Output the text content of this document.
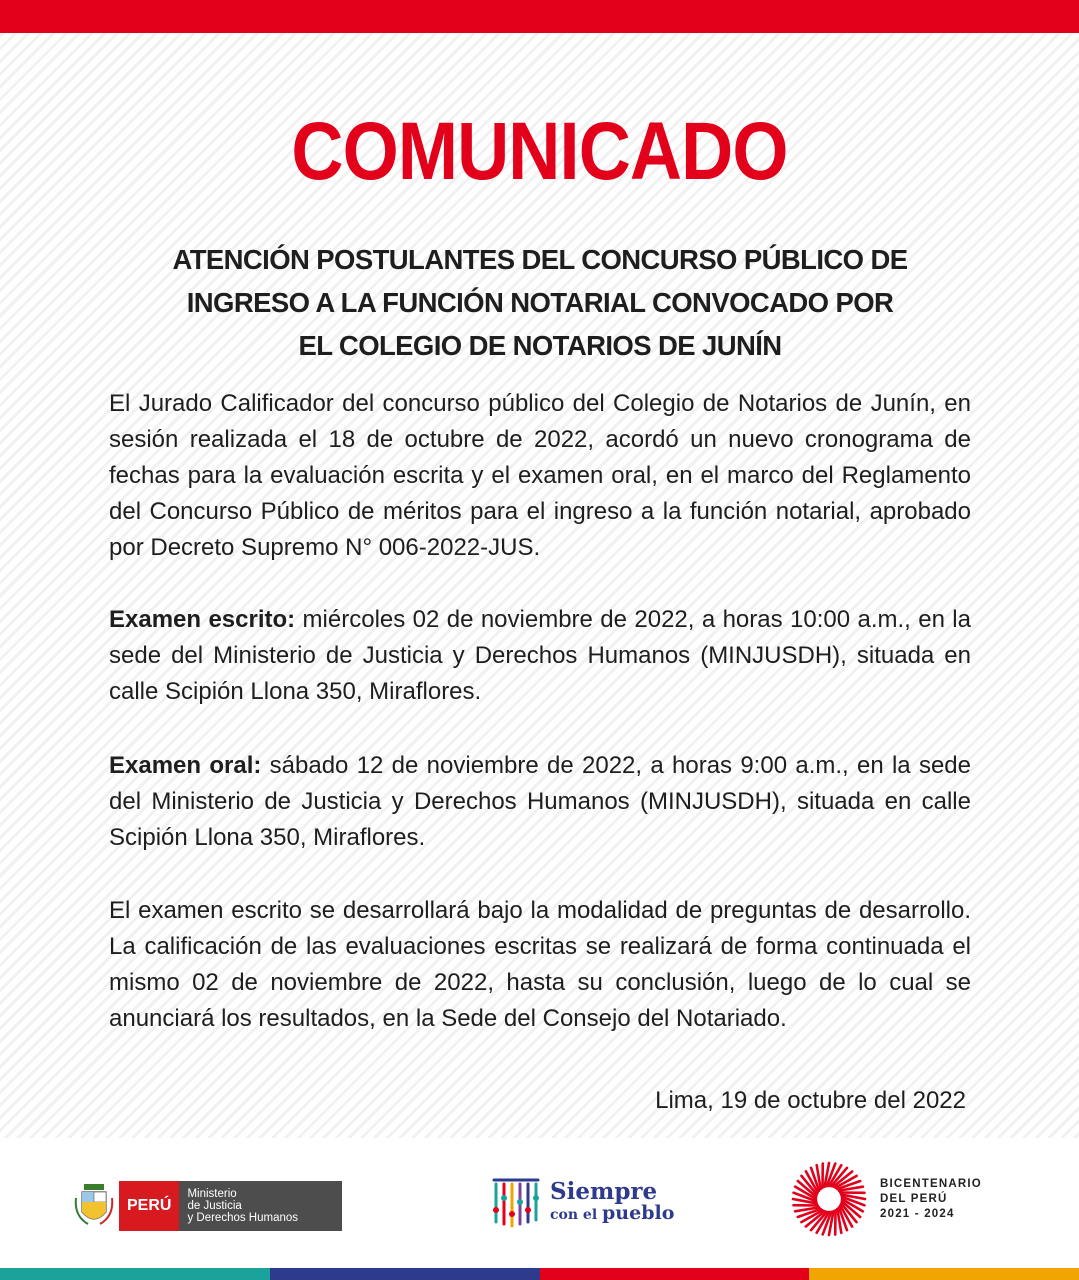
COMUNICADO
ATENCIÓN POSTULANTES DEL CONCURSO PÚBLICO DE
INGRESO A LA FUNCIÓN NOTARIAL CONVOCADO POR
EL COLEGIO DE NOTARIOS DE JUNÍN
El Jurado Calificador del concurso público del Colegio de Notarios de Junín, en sesión realizada el 18 de octubre de 2022, acordó un nuevo cronograma de fechas para la evaluación escrita y el examen oral, en el marco del Reglamento del Concurso Público de méritos para el ingreso a la función notarial, aprobado por Decreto Supremo N° 006-2022-JUS.
Examen escrito: miércoles 02 de noviembre de 2022, a horas 10:00 a.m., en la sede del Ministerio de Justicia y Derechos Humanos (MINJUSDH), situada en calle Scipión Llona 350, Miraflores.
Examen oral: sábado 12 de noviembre de 2022, a horas 9:00 a.m., en la sede del Ministerio de Justicia y Derechos Humanos (MINJUSDH), situada en calle Scipión Llona 350, Miraflores.
El examen escrito se desarrollará bajo la modalidad de preguntas de desarrollo. La calificación de las evaluaciones escritas se realizará de forma continuada el mismo 02 de noviembre de 2022, hasta su conclusión, luego de lo cual se anunciará los resultados, en la Sede del Consejo del Notariado.
Lima, 19 de octubre del 2022
PERÚ
Ministerio
de Justicia
y Derechos Humanos
Siempre
con el pueblo
BICENTENARIO
DEL PERÚ
2021 - 2024
